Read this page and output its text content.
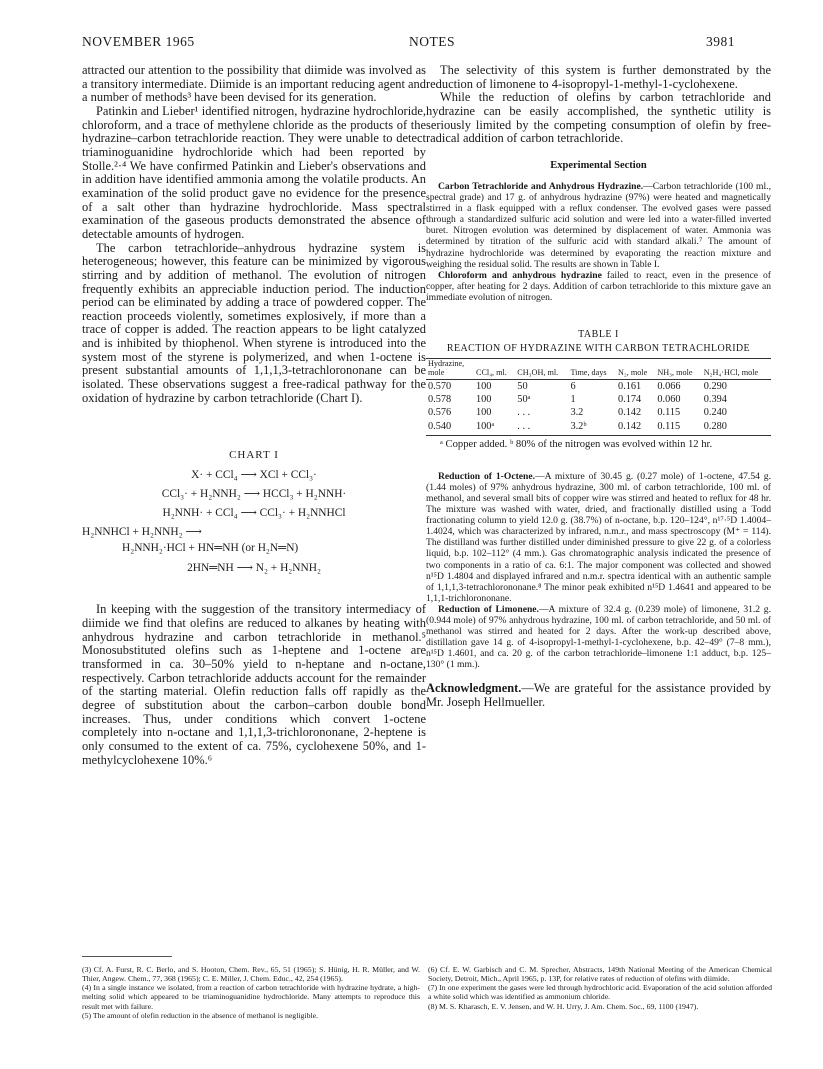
NOVEMBER 1965	NOTES	3981

attracted our attention to the possibility that diimide was involved as a transitory intermediate. Diimide is an important reducing agent and a number of methods³ have been devised for its generation.

Patinkin and Lieber¹ identified nitrogen, hydrazine hydrochloride, chloroform, and a trace of methylene chloride as the products of the hydrazine–carbon tetrachloride reaction. They were unable to detect triaminoguanidine hydrochloride which had been reported by Stolle.²·⁴ We have confirmed Patinkin and Lieber's observations and in addition have identified ammonia among the volatile products. An examination of the solid product gave no evidence for the presence of a salt other than hydrazine hydrochloride. Mass spectral examination of the gaseous products demonstrated the absence of detectable amounts of hydrogen.

The carbon tetrachloride–anhydrous hydrazine system is heterogeneous; however, this feature can be minimized by vigorous stirring and by addition of methanol. The evolution of nitrogen frequently exhibits an appreciable induction period. The induction period can be eliminated by adding a trace of powdered copper. The reaction proceeds violently, sometimes explosively, if more than a trace of copper is added. The reaction appears to be light catalyzed and is inhibited by thiophenol. When styrene is introduced into the system most of the styrene is polymerized, and when 1-octene is present substantial amounts of 1,1,1,3-tetrachlorononane can be isolated. These observations suggest a free-radical pathway for the oxidation of hydrazine by carbon tetrachloride (Chart I).

CHART I
X· + CCl₄ ⟶ XCl + CCl₃·
CCl₃· + H₂NNH₂ ⟶ HCCl₃ + H₂NNH·
H₂NNH· + CCl₄ ⟶ CCl₃· + H₂NNHCl
H₂NNHCl + H₂NNH₂ ⟶
H₂NNH₂·HCl + HN═NH (or H₂N═N)
2HN═NH ⟶ N₂ + H₂NNH₂

In keeping with the suggestion of the transitory intermediacy of diimide we find that olefins are reduced to alkanes by heating with anhydrous hydrazine and carbon tetrachloride in methanol.⁵ Monosubstituted olefins such as 1-heptene and 1-octene are transformed in ca. 30–50% yield to n-heptane and n-octane, respectively. Carbon tetrachloride adducts account for the remainder of the starting material. Olefin reduction falls off rapidly as the degree of substitution about the carbon–carbon double bond increases. Thus, under conditions which convert 1-octene completely into n-octane and 1,1,1,3-trichlorononane, 2-heptene is only consumed to the extent of ca. 75%, cyclohexene 50%, and 1-methylcyclohexene 10%.⁶

The selectivity of this system is further demonstrated by the reduction of limonene to 4-isopropyl-1-methyl-1-cyclohexene.

While the reduction of olefins by carbon tetrachloride and hydrazine can be easily accomplished, the synthetic utility is seriously limited by the competing consumption of olefin by free-radical addition of carbon tetrachloride.

Experimental Section

Carbon Tetrachloride and Anhydrous Hydrazine.—Carbon tetrachloride (100 ml., spectral grade) and 17 g. of anhydrous hydrazine (97%) were heated and magnetically stirred in a flask equipped with a reflux condenser. The evolved gases were passed through a standardized sulfuric acid solution and were led into a water-filled inverted buret. Nitrogen evolution was determined by displacement of water. Ammonia was determined by titration of the sulfuric acid with standard alkali.⁷ The amount of hydrazine hydrochloride was determined by evaporating the reaction mixture and weighing the residual solid. The results are shown in Table I.

Chloroform and anhydrous hydrazine failed to react, even in the presence of copper, after heating for 2 days. Addition of carbon tetrachloride to this mixture gave an immediate evolution of nitrogen.

TABLE I
REACTION OF HYDRAZINE WITH CARBON TETRACHLORIDE
Hydrazine, mole	CCl₄, ml.	CH₃OH, ml.	Time, days	N₂, mole	NH₃, mole	N₂H₄·HCl, mole
0.570	100	50	6	0.161	0.066	0.290
0.578	100	50ᵃ	1	0.174	0.060	0.394
0.576	100	. . .	3.2	0.142	0.115	0.240
0.540	100ᵃ	. . .	3.2ᵇ	0.142	0.115	0.280

ᵃ Copper added. ᵇ 80% of the nitrogen was evolved within 12 hr.

Reduction of 1-Octene.—A mixture of 30.45 g. (0.27 mole) of 1-octene, 47.54 g. (1.44 moles) of 97% anhydrous hydrazine, 300 ml. of carbon tetrachloride, 100 ml. of methanol, and several small bits of copper wire was stirred and heated to reflux for 48 hr. The mixture was washed with water, dried, and fractionally distilled using a Todd fractionating column to yield 12.0 g. (38.7%) of n-octane, b.p. 120–124°, n¹⁷·⁵D 1.4004–1.4024, which was characterized by infrared, n.m.r., and mass spectroscopy (M⁺ = 114). The distilland was further distilled under diminished pressure to give 22 g. of a colorless liquid, b.p. 102–112° (4 mm.). Gas chromatographic analysis indicated the presence of two components in a ratio of ca. 6:1. The major component was collected and showed n¹⁵D 1.4804 and displayed infrared and n.m.r. spectra identical with an authentic sample of 1,1,1,3-tetrachlorononane.⁸ The minor peak exhibited n¹⁵D 1.4641 and appeared to be 1,1,1-trichlorononane.

Reduction of Limonene.—A mixture of 32.4 g. (0.239 mole) of limonene, 31.2 g. (0.944 mole) of 97% anhydrous hydrazine, 100 ml. of carbon tetrachloride, and 50 ml. of methanol was stirred and heated for 2 days. After the work-up described above, distillation gave 14 g. of 4-isopropyl-1-methyl-1-cyclohexene, b.p. 42–49° (7–8 mm.), n¹⁵D 1.4601, and ca. 20 g. of the carbon tetrachloride–limonene 1:1 adduct, b.p. 125–130° (1 mm.).

Acknowledgment.—We are grateful for the assistance provided by Mr. Joseph Hellmueller.

(3) Cf. A. Furst, R. C. Berlo, and S. Hooton, Chem. Rev., 65, 51 (1965); S. Hünig, H. R. Müller, and W. Thier, Angew. Chem., 77, 368 (1965); C. E. Miller, J. Chem. Educ., 42, 254 (1965).

(4) In a single instance we isolated, from a reaction of carbon tetrachloride with hydrazine hydrate, a high-melting solid which appeared to be triaminoguanidine hydrochloride. Many attempts to reproduce this result met with failure.

(5) The amount of olefin reduction in the absence of methanol is negligible.

(6) Cf. E. W. Garbisch and C. M. Sprecher, Abstracts, 149th National Meeting of the American Chemical Society, Detroit, Mich., April 1965, p. 13P, for relative rates of reduction of olefins with diimide.

(7) In one experiment the gases were led through hydrochloric acid. Evaporation of the acid solution afforded a white solid which was identified as ammonium chloride.

(8) M. S. Kharasch, E. V. Jensen, and W. H. Urry, J. Am. Chem. Soc., 69, 1100 (1947).
